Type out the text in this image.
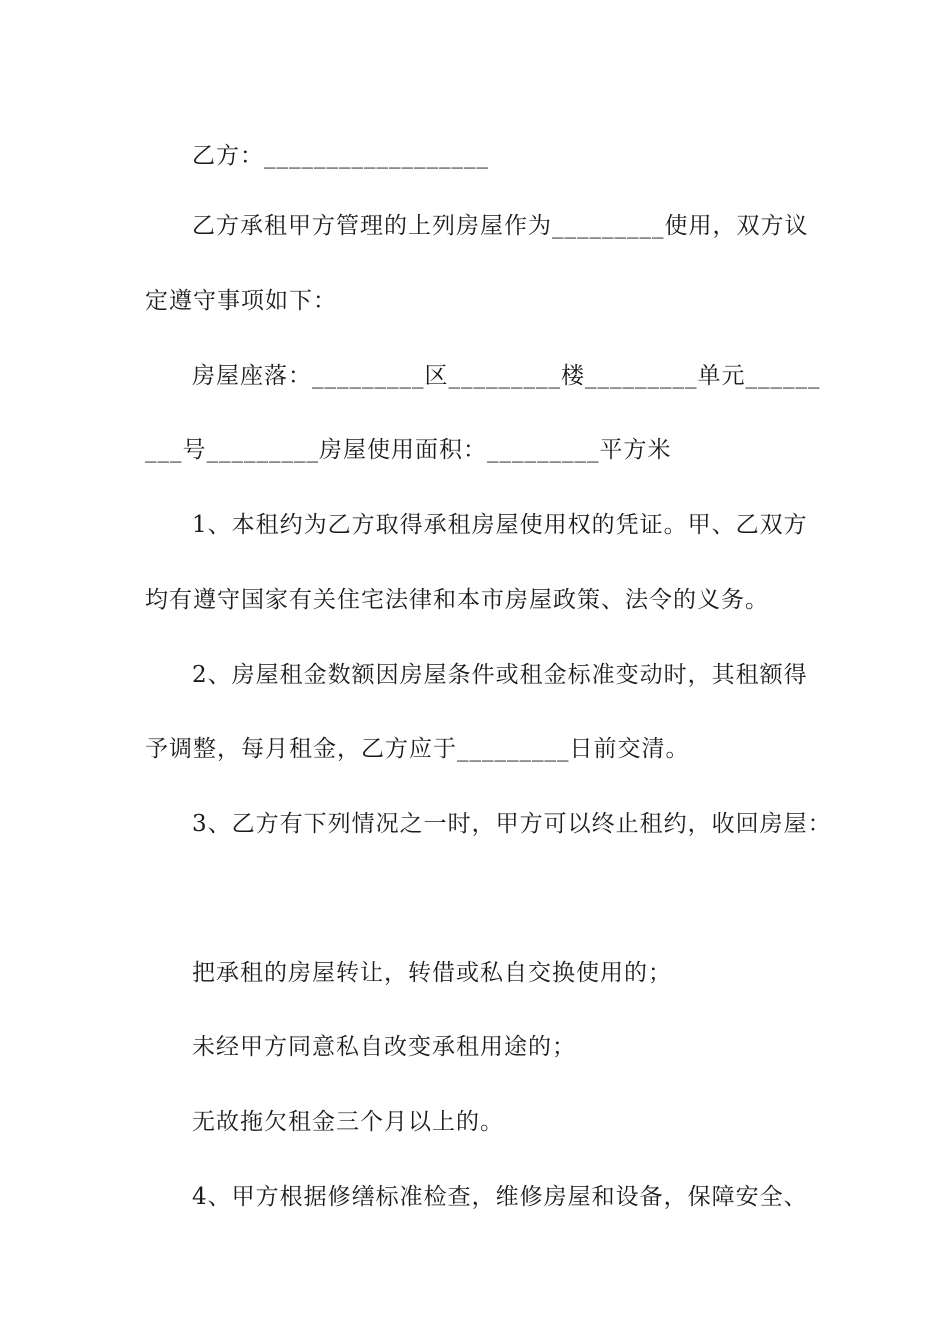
乙方：__________________
乙方承租甲方管理的上列房屋作为_________使用，双方议
定遵守事项如下：
房屋座落：_________区_________楼_________单元______
___号_________房屋使用面积：_________平方米
1、本租约为乙方取得承租房屋使用权的凭证。甲、乙双方
均有遵守国家有关住宅法律和本市房屋政策、法令的义务。
2、房屋租金数额因房屋条件或租金标准变动时，其租额得
予调整，每月租金，乙方应于_________日前交清。
3、乙方有下列情况之一时，甲方可以终止租约，收回房屋：
把承租的房屋转让，转借或私自交换使用的；
未经甲方同意私自改变承租用途的；
无故拖欠租金三个月以上的。
4、甲方根据修缮标准检查，维修房屋和设备，保障安全、
